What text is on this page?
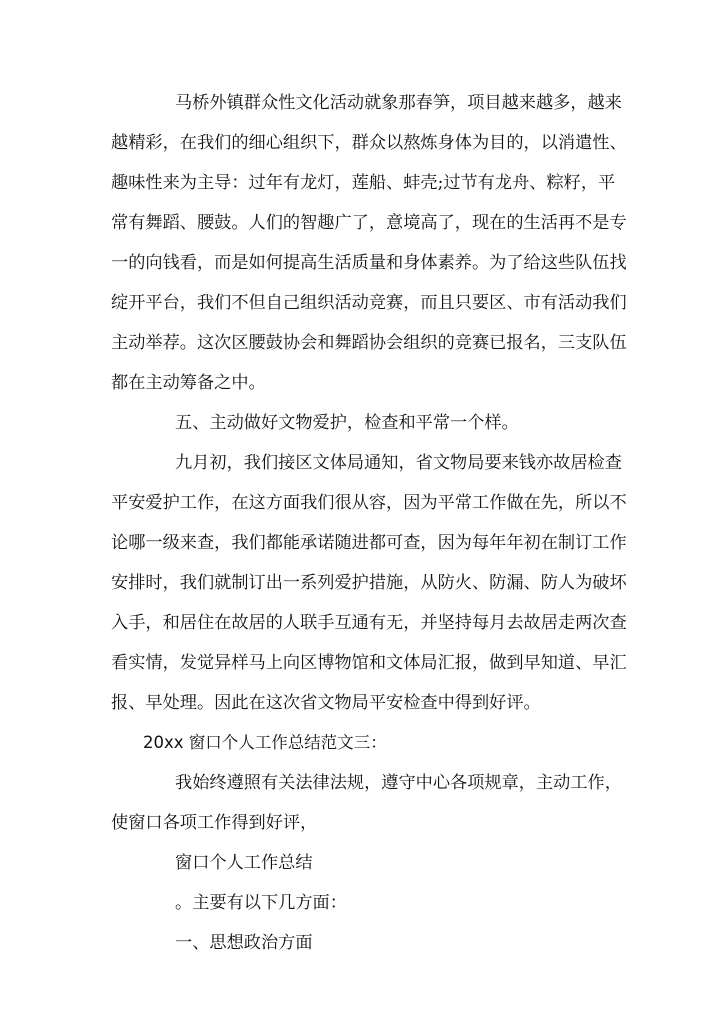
马桥外镇群众性文化活动就象那春笋，项目越来越多，越来

越精彩，在我们的细心组织下，群众以熬炼身体为目的，以消遣性、

趣味性来为主导：过年有龙灯，莲船、蚌壳;过节有龙舟、粽籽，平

常有舞蹈、腰鼓。人们的智趣广了，意境高了，现在的生活再不是专

一的向钱看，而是如何提高生活质量和身体素养。为了给这些队伍找

绽开平台，我们不但自己组织活动竞赛，而且只要区、市有活动我们

主动举荐。这次区腰鼓协会和舞蹈协会组织的竞赛已报名，三支队伍

都在主动筹备之中。

五、主动做好文物爱护，检查和平常一个样。

九月初，我们接区文体局通知，省文物局要来钱亦故居检查

平安爱护工作，在这方面我们很从容，因为平常工作做在先，所以不

论哪一级来查，我们都能承诺随进都可查，因为每年年初在制订工作

安排时，我们就制订出一系列爱护措施，从防火、防漏、防人为破坏

入手，和居住在故居的人联手互通有无，并坚持每月去故居走两次查

看实情，发觉异样马上向区博物馆和文体局汇报，做到早知道、早汇

报、早处理。因此在这次省文物局平安检查中得到好评。

20xx 窗口个人工作总结范文三：

我始终遵照有关法律法规，遵守中心各项规章，主动工作，

使窗口各项工作得到好评，

窗口个人工作总结

。主要有以下几方面：

一、思想政治方面
